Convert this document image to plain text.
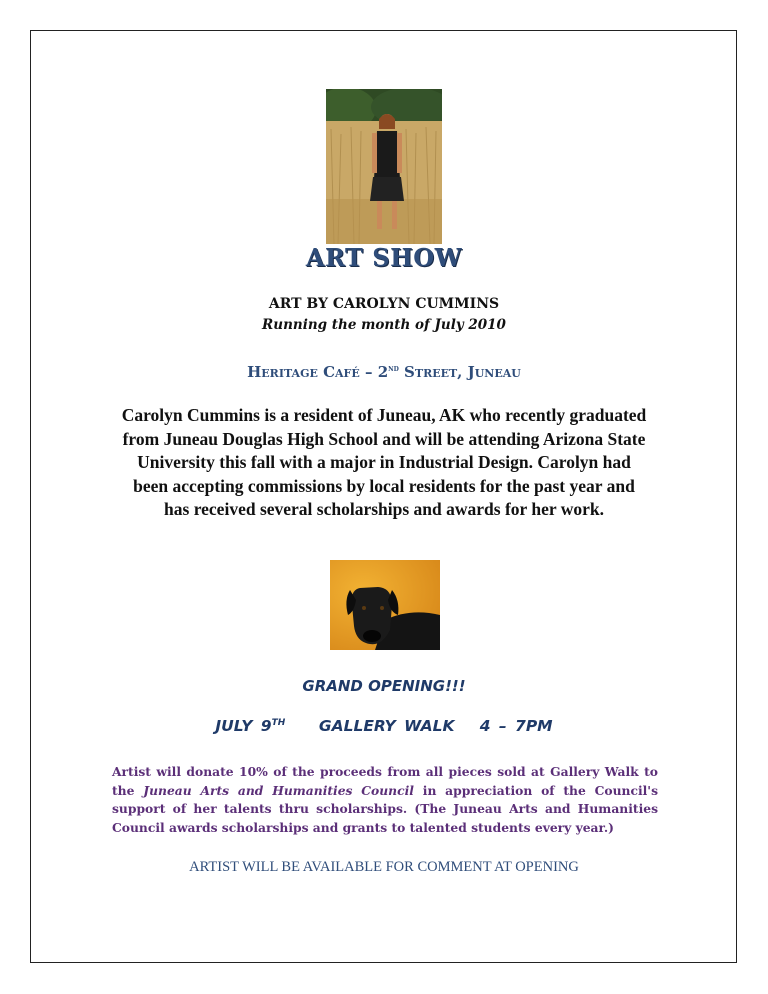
ART SHOW
ART BY CAROLYN CUMMINS
Running the month of July 2010
Heritage Café – 2nd Street, Juneau
Carolyn Cummins is a resident of Juneau, AK who recently graduated from Juneau Douglas High School and will be attending Arizona State University this fall with a major in Industrial Design. Carolyn had been accepting commissions by local residents for the past year and has received several scholarships and awards for her work.
GRAND OPENING!!!
JULY 9TH GALLERY WALK 4 – 7PM
Artist will donate 10% of the proceeds from all pieces sold at Gallery Walk to the Juneau Arts and Humanities Council in appreciation of the Council's support of her talents thru scholarships. (The Juneau Arts and Humanities Council awards scholarships and grants to talented students every year.)
ARTIST WILL BE AVAILABLE FOR COMMENT AT OPENING
